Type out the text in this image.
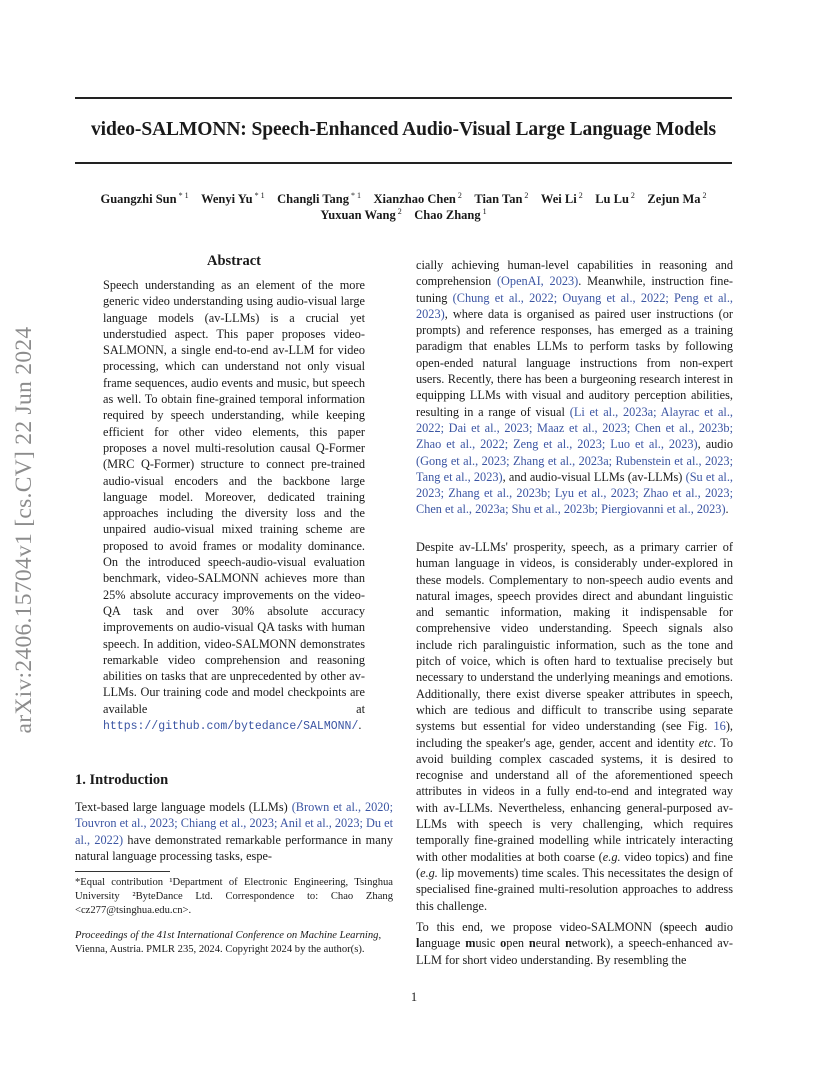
arXiv:2406.15704v1 [cs.CV] 22 Jun 2024
video-SALMONN: Speech-Enhanced Audio-Visual Large Language Models
Guangzhi Sun $^{* 1}$  Wenyi Yu $^{* 1}$  Changli Tang $^{* 1}$  Xianzhao Chen $^2$  Tian Tan $^2$  Wei Li $^2$  Lu Lu $^2$  Zejun Ma $^2$
Yuxuan Wang $^2$  Chao Zhang $^1$
Abstract

Speech understanding as an element of the more generic video understanding using audio-visual large language models (av-LLMs) is a crucial yet understudied aspect. This paper proposes video-SALMONN, a single end-to-end av-LLM for video processing, which can understand not only visual frame sequences, audio events and music, but speech as well. To obtain fine-grained temporal information required by speech understanding, while keeping efficient for other video elements, this paper proposes a novel multi-resolution causal Q-Former (MRC Q-Former) structure to connect pre-trained audio-visual encoders and the backbone large language model. Moreover, dedicated training approaches including the diversity loss and the unpaired audio-visual mixed training scheme are proposed to avoid frames or modality dominance. On the introduced speech-audio-visual evaluation benchmark, video-SALMONN achieves more than 25% absolute accuracy improvements on the video-QA task and over 30% absolute accuracy improvements on audio-visual QA tasks with human speech. In addition, video-SALMONN demonstrates remarkable video comprehension and reasoning abilities on tasks that are unprecedented by other av-LLMs. Our training code and model checkpoints are available at https://github.com/bytedance/SALMONN/.

1. Introduction

Text-based large language models (LLMs) (Brown et al., 2020; Touvron et al., 2023; Chiang et al., 2023; Anil et al., 2023; Du et al., 2022) have demonstrated remarkable performance in many natural language processing tasks, espe-

*Equal contribution ¹Department of Electronic Engineering, Tsinghua University ²ByteDance Ltd. Correspondence to: Chao Zhang <cz277@tsinghua.edu.cn>.
Proceedings of the 41st International Conference on Machine Learning, Vienna, Austria. PMLR 235, 2024. Copyright 2024 by the author(s).

cially achieving human-level capabilities in reasoning and comprehension (OpenAI, 2023). Meanwhile, instruction fine-tuning (Chung et al., 2022; Ouyang et al., 2022; Peng et al., 2023), where data is organised as paired user instructions (or prompts) and reference responses, has emerged as a training paradigm that enables LLMs to perform tasks by following open-ended natural language instructions from non-expert users. Recently, there has been a burgeoning research interest in equipping LLMs with visual and auditory perception abilities, resulting in a range of visual (Li et al., 2023a; Alayrac et al., 2022; Dai et al., 2023; Maaz et al., 2023; Chen et al., 2023b; Zhao et al., 2022; Zeng et al., 2023; Luo et al., 2023), audio (Gong et al., 2023; Zhang et al., 2023a; Rubenstein et al., 2023; Tang et al., 2023), and audio-visual LLMs (av-LLMs) (Su et al., 2023; Zhang et al., 2023b; Lyu et al., 2023; Zhao et al., 2023; Chen et al., 2023a; Shu et al., 2023b; Piergiovanni et al., 2023).

Despite av-LLMs' prosperity, speech, as a primary carrier of human language in videos, is considerably under-explored in these models. Complementary to non-speech audio events and natural images, speech provides direct and abundant linguistic and semantic information, making it indispensable for comprehensive video understanding. Speech signals also include rich paralinguistic information, such as the tone and pitch of voice, which is often hard to textualise precisely but necessary to understand the underlying meanings and emotions. Additionally, there exist diverse speaker attributes in speech, which are tedious and difficult to transcribe using separate systems but essential for video understanding (see Fig. 16), including the speaker's age, gender, accent and identity etc. To avoid building complex cascaded systems, it is desired to recognise and understand all of the aforementioned speech attributes in videos in a fully end-to-end and integrated way with av-LLMs. Nevertheless, enhancing general-purposed av-LLMs with speech is very challenging, which requires temporally fine-grained modelling while intricately interacting with other modalities at both coarse (e.g. video topics) and fine (e.g. lip movements) time scales. This necessitates the design of specialised fine-grained multi-resolution approaches to address this challenge.

To this end, we propose video-SALMONN (speech audio language music open neural network), a speech-enhanced av-LLM for short video understanding. By resembling the

1
